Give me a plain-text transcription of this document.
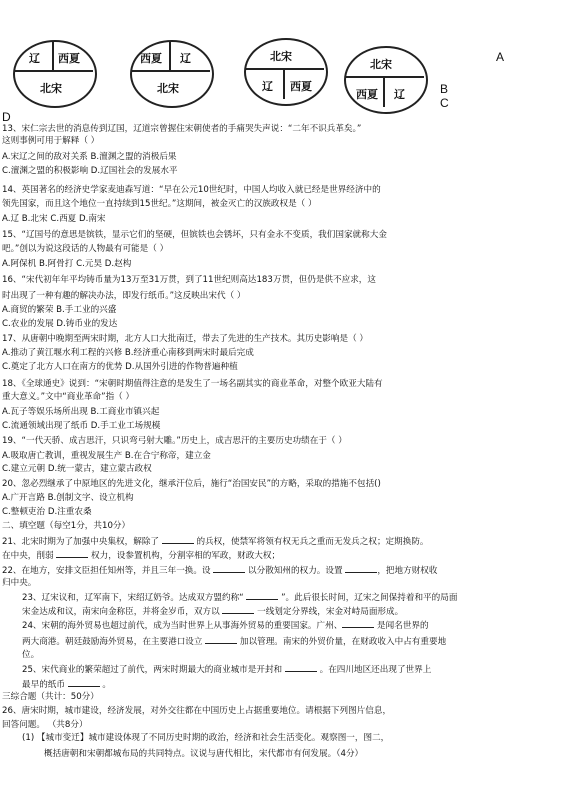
辽 西夏
北宋
西夏 辽
北宋
北宋
辽 西夏
北宋
西夏 辽
A
B
C
D
13、宋仁宗去世的消息传到辽国，辽道宗曾握住宋朝使者的手痛哭失声说：“二年不识兵革矣。”
这则事例可用于解释（ ）
A.宋辽之间的敌对关系 B.澶渊之盟的消极后果
C.澶渊之盟的积极影响 D.辽国社会的发展水平
14、英国著名的经济史学家麦迪森写道：“早在公元10世纪时，中国人均收入就已经是世界经济中的
领先国家，而且这个地位一直持续到15世纪。”这期间，被金灭亡的汉族政权是（ ）
A.辽 B.北宋 C.西夏 D.南宋
15、“辽国号的意思是镔铁，显示它们的坚硬，但镔铁也会锈坏，只有金永不变质，我们国家就称大金
吧。”创以为说这段话的人物最有可能是（ ）
A.阿保机 B.阿骨打 C.元昊 D.赵构
16、“宋代初年年平均铸币量为13万至31万贯，到了11世纪则高达183万贯，但仍是供不应求，这
时出现了一种有趣的解决办法，即发行纸币。”这反映出宋代（ ）
A.商贸的繁荣 B.手工业的兴盛
C.农业的发展 D.铸币业的发达
17、从唐朝中晚期至两宋时期，北方人口大批南迁，带去了先进的生产技术。其历史影响是（ ）
A.推动了黄江堰水利工程的兴修 B.经济重心南移到两宋时最后完成
C.奠定了北方人口在南方的优势 D.从国外引进的作物普遍种植
18、《全球通史》说到：“宋朝时期值得注意的是发生了一场名副其实的商业革命，对整个欧亚大陆有
重大意义。”文中“商业革命”指（ ）
A.瓦子等娱乐场所出现 B.工商业市镇兴起
C.流通领域出现了纸币 D.手工业工场规模
19、“一代天骄、成吉思汗，只识弯弓射大雕。”历史上，成吉思汗的主要历史功绩在于（ ）
A.吸取唐亡教训，重视发展生产 B.在合宁称帝，建立金
C.建立元朝 D.统一蒙古，建立蒙古政权
20、忽必烈继承了中原地区的先进文化，继承汗位后，施行“治国安民”的方略，采取的措施不包括()
A.广开言路 B.创制文字、设立机构
C.整顿吏治 D.注重农桑
二、填空题（每空1分，共10分）
21、北宋时期为了加强中央集权，解除了	的兵权，使禁军将领有权无兵之重而无发兵之权；定期换防。
在中央，削弱	权力，设参置机构，分割宰相的军政，财政大权；
22、在地方，安排文臣担任知州等，并且三年一换。设	以分散知州的权力。设置	，把地方财权收
归中央。
23、辽宋议和，辽军南下，宋绍辽奶爷。达成双方盟约称“	”。此后很长时间，辽宋之间保持着和平的局面
宋金达成和议，南宋向金称臣，并将金岁币，双方以	一线划定分界线，宋金对峙局面形成。
24、宋朝的海外贸易也超过前代，成为当时世界上从事海外贸易的重要国家。广州、	是闻名世界的
两大商港。朝廷鼓励海外贸易，在主要港口设立	加以管理。南宋的外贸价量，在财政收入中占有重要地
位。
25、宋代商业的繁荣超过了前代，两宋时期最大的商业城市是开封和	。在四川地区还出现了世界上
最早的纸币	。
三综合题（共计：50分）
26、唐宋时期，城市建设，经济发展，对外交往都在中国历史上占据重要地位。请根据下列图片信息，
回答问题。 （共8分）
(1) 【城市变迁】城市建设体现了不同历史时期的政治，经济和社会生活变化。观察图一，图二，
概括唐朝和宋朝都城布局的共同特点。议说与唐代相比，宋代都市有何发展。（4分）
